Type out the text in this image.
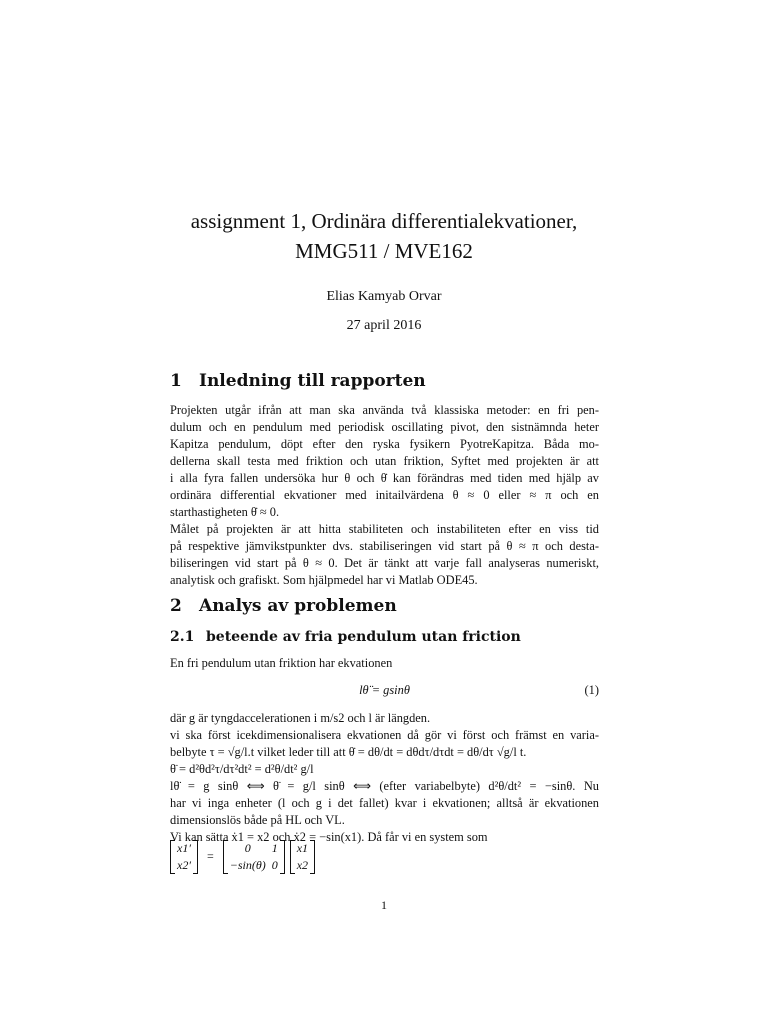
assignment 1, Ordinära differentialekvationer,
MMG511 / MVE162
Elias Kamyab Orvar
27 april 2016
1 Inledning till rapporten
Projekten utgår ifrån att man ska använda två klassiska metoder: en fri pen-
dulum och en pendulum med periodisk oscillating pivot, den sistnämnda heter
Kapitza pendulum, döpt efter den ryska fysikern PyotreKapitza. Båda mo-
dellerna skall testa med friktion och utan friktion, Syftet med projekten är att
i alla fyra fallen undersöka hur θ och θ̇ kan förändras med tiden med hjälp av
ordinära differential ekvationer med initailvärdena θ ≈ 0 eller ≈ π och en
starthastigheten θ̇ ≈ 0.
Målet på projekten är att hitta stabiliteten och instabiliteten efter en viss tid
på respektive jämvikstpunkter dvs. stabiliseringen vid start på θ ≈ π och desta-
biliseringen vid start på θ ≈ 0. Det är tänkt att varje fall analyseras numeriskt,
analytisk och grafiskt. Som hjälpmedel har vi Matlab ODE45.
2 Analys av problemen
2.1 beteende av fria pendulum utan friction
En fri pendulum utan friktion har ekvationen
lθ̈ = gsinθ	(1)
där g är tyngdaccelerationen i m/s2 och l är längden.
vi ska först icekdimensionalisera ekvationen då gör vi först och främst en varia-
belbyte τ = √g/l.t vilket leder till att θ̇ = dθ/dt = dθdτ/dτdt = dθ/dτ √g/l t.
θ̈ = d²θd²τ/dτ²dt² = d²θ/dt² g/l
lθ̈ = g sinθ ⟺ θ̈ = g/l sinθ ⟺ (efter variabelbyte) d²θ/dt² = −sinθ. Nu
har vi inga enheter (l och g i det fallet) kvar i ekvationen; alltså är ekvationen
dimensionslös både på HL och VL.
Vi kan sätta ẋ1 = x2 och ẋ2 = −sin(x1). Då får vi en system som
x1′
x2′
=
0	1
−sin(θ)	0

x1
x2
1
